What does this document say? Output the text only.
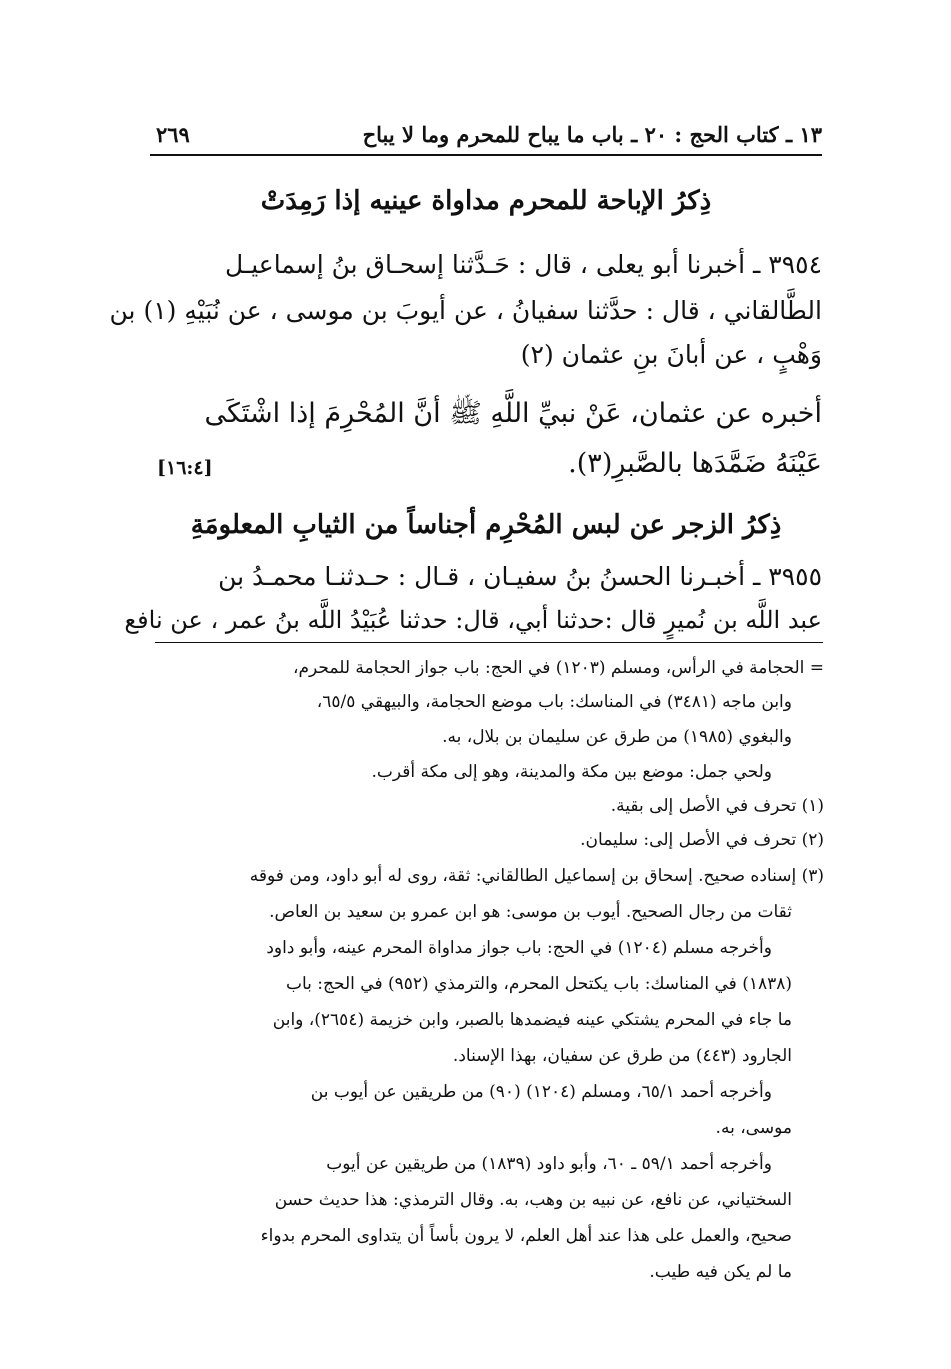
١٣ ـ كتاب الحج : ٢٠ ـ باب ما يباح للمحرم وما لا يباح
٢٦٩
ذِكرُ الإباحة للمحرم مداواة عينيه إذا رَمِدَتْ
٣٩٥٤ ـ أخبرنا أبو يعلى ، قال : حَـدَّثنا إسحـاق بنُ إسماعيـل
الطَّالقاني ، قال : حدَّثنا سفيانُ ، عن أيوبَ بن موسى ، عن نُبَيْهِ (١) بن
وَهْبٍ ، عن أبانَ بنِ عثمان (٢)
أخبره عن عثمان، عَنْ نبيِّ اللَّهِ ﷺ أنَّ المُحْرِمَ إذا اشْتَكَى
عَيْنَهُ ضَمَّدَها بالصَّبرِ(٣).
[١٦:٤]
ذِكرُ الزجر عن لبس المُحْرِم أجناساً من الثيابِ المعلومَةِ
٣٩٥٥ ـ أخبـرنا الحسنُ بنُ سفيـان ، قـال : حـدثنـا محمـدُ بن
عبد اللَّه بن نُميرٍ قال :حدثنا أبي، قال: حدثنا عُبَيْدُ اللَّه بنُ عمر ، عن نافع
= الحجامة في الرأس، ومسلم (١٢٠٣) في الحج: باب جواز الحجامة للمحرم،
وابن ماجه (٣٤٨١) في المناسك: باب موضع الحجامة، والبيهقي ٦٥/٥،
والبغوي (١٩٨٥) من طرق عن سليمان بن بلال، به.
ولحي جمل: موضع بين مكة والمدينة، وهو إلى مكة أقرب.
(١) تحرف في الأصل إلى بقية.
(٢) تحرف في الأصل إلى: سليمان.
(٣) إسناده صحيح. إسحاق بن إسماعيل الطالقاني: ثقة، روى له أبو داود، ومن فوقه
ثقات من رجال الصحيح. أيوب بن موسى: هو ابن عمرو بن سعيد بن العاص.
وأخرجه مسلم (١٢٠٤) في الحج: باب جواز مداواة المحرم عينه، وأبو داود
(١٨٣٨) في المناسك: باب يكتحل المحرم، والترمذي (٩٥٢) في الحج: باب
ما جاء في المحرم يشتكي عينه فيضمدها بالصبر، وابن خزيمة (٢٦٥٤)، وابن
الجارود (٤٤٣) من طرق عن سفيان، بهذا الإسناد.
وأخرجه أحمد ٦٥/١، ومسلم (١٢٠٤) (٩٠) من طريقين عن أيوب بن
موسى، به.
وأخرجه أحمد ٥٩/١ ـ ٦٠، وأبو داود (١٨٣٩) من طريقين عن أيوب
السختياني، عن نافع، عن نبيه بن وهب، به. وقال الترمذي: هذا حديث حسن
صحيح، والعمل على هذا عند أهل العلم، لا يرون بأساً أن يتداوى المحرم بدواء
ما لم يكن فيه طيب.
